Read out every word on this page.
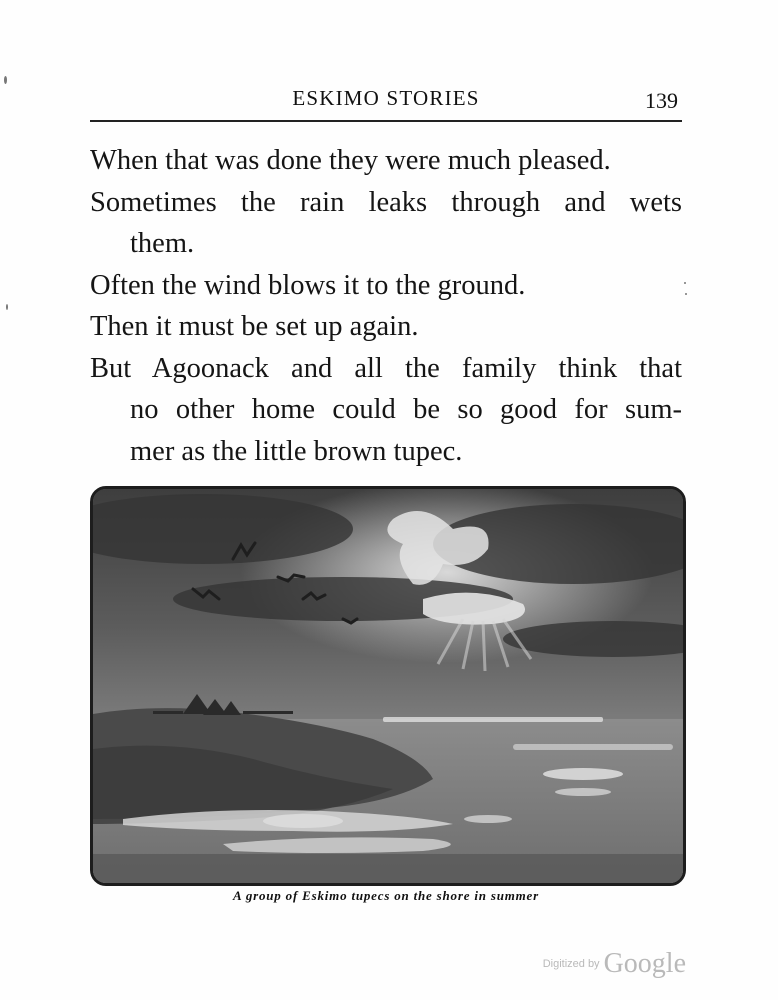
ESKIMO STORIES	139
When that was done they were much pleased.
Sometimes the rain leaks through and wets
them.
Often the wind blows it to the ground.
Then it must be set up again.
But Agoonack and all the family think that
no other home could be so good for sum-
mer as the little brown tupec.
A group of Eskimo tupecs on the shore in summer
Digitized by Google
